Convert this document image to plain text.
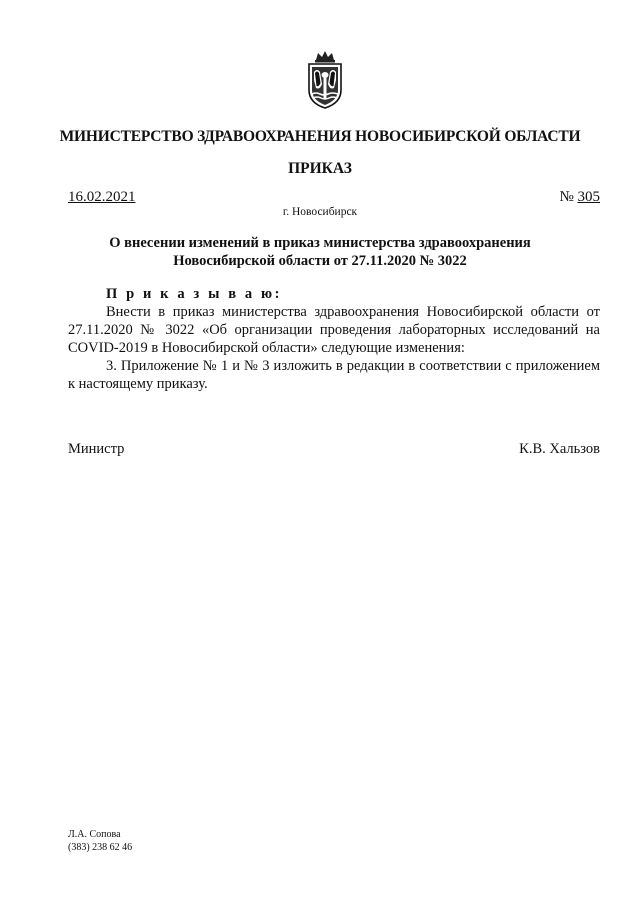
МИНИСТЕРСТВО ЗДРАВООХРАНЕНИЯ НОВОСИБИРСКОЙ ОБЛАСТИ
ПРИКАЗ
16.02.2021	№ 305
г. Новосибирск
О внесении изменений в приказ министерства здравоохранения
Новосибирской области от 27.11.2020 № 3022
П р и к а з ы в а ю:

Внести в приказ министерства здравоохранения Новосибирской области от 27.11.2020 № 3022 «Об организации проведения лабораторных исследований на COVID-2019 в Новосибирской области» следующие изменения:

3. Приложение № 1 и № 3 изложить в редакции в соответствии с приложением к настоящему приказу.

Министр	К.В. Хальзов
Л.А. Сопова
(383) 238 62 46
